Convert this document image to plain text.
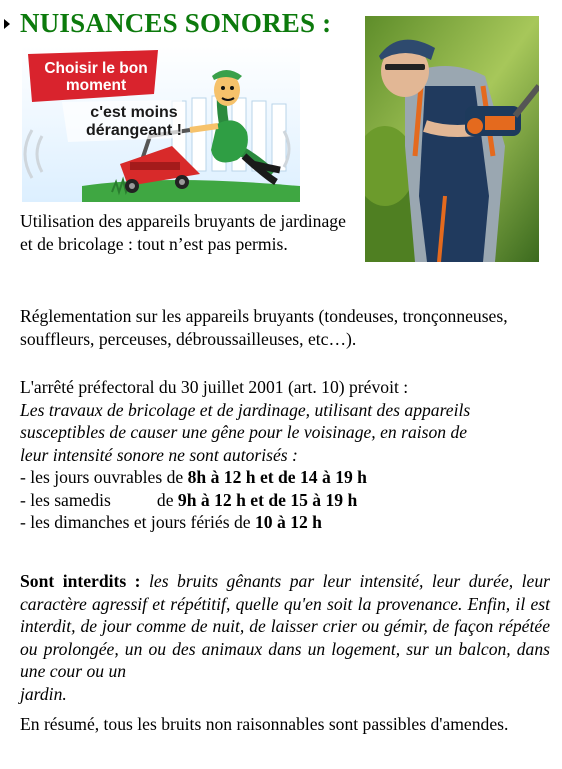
NUISANCES SONORES :
Choisir le bon moment
c'est moins dérangeant !

Utilisation des appareils bruyants de jardinage et de bricolage : tout n’est pas permis.

Réglementation sur les appareils bruyants (tondeuses, tronçonneuses, souffleurs, perceuses, débroussailleuses, etc…).

L'arrêté préfectoral du 30 juillet 2001 (art. 10) prévoit :
Les travaux de bricolage et de jardinage, utilisant des appareils
susceptibles de causer une gêne pour le voisinage, en raison de
leur intensité sonore ne sont autorisés :
- les jours ouvrables de 8h à 12 h et de 14 à 19 h
- les samedis	de 9h à 12 h et de 15 à 19 h
- les dimanches et jours fériés de 10 à 12 h

Sont interdits : les bruits gênants par leur intensité, leur durée, leur caractère agressif et répétitif, quelle qu'en soit la provenance. Enfin, il est interdit, de jour comme de nuit, de laisser crier ou gémir, de façon répétée ou prolongée, un ou des animaux dans un logement, sur un balcon, dans une cour ou un
jardin.

En résumé, tous les bruits non raisonnables sont passibles d'amendes.
